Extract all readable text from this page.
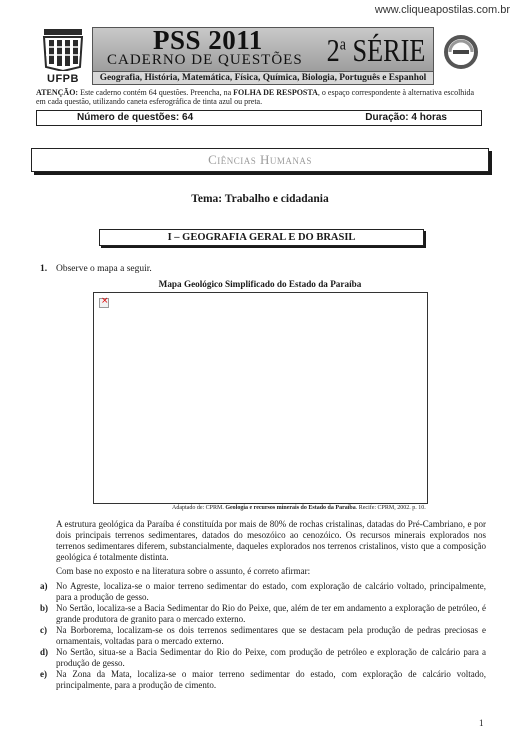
www.cliqueapostilas.com.br
UFPB
PSS 2011
CADERNO DE QUESTÕES 2$^a$ SÉRIE
Geografia, História, Matemática, Física, Química, Biologia, Português e Espanhol
ATENÇÃO: Este caderno contém 64 questões. Preencha, na FOLHA DE RESPOSTA, o espaço correspondente à alternativa escolhida em cada questão, utilizando caneta esferográfica de tinta azul ou preta.
Número de questões: 64	Duração: 4 horas
Ciências Humanas
Tema: Trabalho e cidadania
I – GEOGRAFIA GERAL E DO BRASIL
1. Observe o mapa a seguir.
Mapa Geológico Simplificado do Estado da Paraíba
×
Adaptado de: CPRM. Geologia e recursos minerais do Estado da Paraíba. Recife: CPRM, 2002. p. 10.
A estrutura geológica da Paraíba é constituída por mais de 80% de rochas cristalinas, datadas do Pré-Cambriano, e por dois principais terrenos sedimentares, datados do mesozóico ao cenozóico. Os recursos minerais explorados nos terrenos sedimentares diferem, substancialmente, daqueles explorados nos terrenos cristalinos, visto que a composição geológica é totalmente distinta.
Com base no exposto e na literatura sobre o assunto, é correto afirmar:
a) No Agreste, localiza-se o maior terreno sedimentar do estado, com exploração de calcário voltado, principalmente, para a produção de gesso.
b) No Sertão, localiza-se a Bacia Sedimentar do Rio do Peixe, que, além de ter em andamento a exploração de petróleo, é grande produtora de granito para o mercado externo.
c) Na Borborema, localizam-se os dois terrenos sedimentares que se destacam pela produção de pedras preciosas e ornamentais, voltadas para o mercado externo.
d) No Sertão, situa-se a Bacia Sedimentar do Rio do Peixe, com produção de petróleo e exploração de calcário para a produção de gesso.
e) Na Zona da Mata, localiza-se o maior terreno sedimentar do estado, com exploração de calcário voltado, principalmente, para a produção de cimento.
1
